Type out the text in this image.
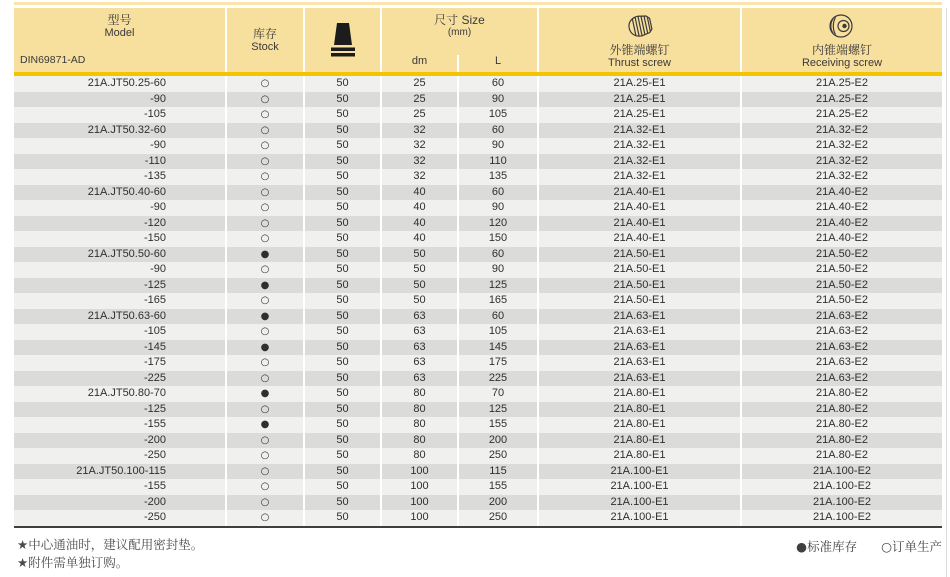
型号
Model
DIN69871-AD
库存
Stock
尺寸 Size
(mm)
dm	L
外锥端螺钉
Thrust screw
内锥端螺钉
Receiving screw
21A.JT50.25-60	○	50	25	60	21A.25-E1	21A.25-E2
-90	○	50	25	90	21A.25-E1	21A.25-E2
-105	○	50	25	105	21A.25-E1	21A.25-E2
21A.JT50.32-60	○	50	32	60	21A.32-E1	21A.32-E2
-90	○	50	32	90	21A.32-E1	21A.32-E2
-110	○	50	32	110	21A.32-E1	21A.32-E2
-135	○	50	32	135	21A.32-E1	21A.32-E2
21A.JT50.40-60	○	50	40	60	21A.40-E1	21A.40-E2
-90	○	50	40	90	21A.40-E1	21A.40-E2
-120	○	50	40	120	21A.40-E1	21A.40-E2
-150	○	50	40	150	21A.40-E1	21A.40-E2
21A.JT50.50-60	●	50	50	60	21A.50-E1	21A.50-E2
-90	○	50	50	90	21A.50-E1	21A.50-E2
-125	●	50	50	125	21A.50-E1	21A.50-E2
-165	○	50	50	165	21A.50-E1	21A.50-E2
21A.JT50.63-60	●	50	63	60	21A.63-E1	21A.63-E2
-105	○	50	63	105	21A.63-E1	21A.63-E2
-145	●	50	63	145	21A.63-E1	21A.63-E2
-175	○	50	63	175	21A.63-E1	21A.63-E2
-225	○	50	63	225	21A.63-E1	21A.63-E2
21A.JT50.80-70	●	50	80	70	21A.80-E1	21A.80-E2
-125	○	50	80	125	21A.80-E1	21A.80-E2
-155	●	50	80	155	21A.80-E1	21A.80-E2
-200	○	50	80	200	21A.80-E1	21A.80-E2
-250	○	50	80	250	21A.80-E1	21A.80-E2
21A.JT50.100-115	○	50	100	115	21A.100-E1	21A.100-E2
-155	○	50	100	155	21A.100-E1	21A.100-E2
-200	○	50	100	200	21A.100-E1	21A.100-E2
-250	○	50	100	250	21A.100-E1	21A.100-E2
★中心通油时，建议配用密封垫。
★附件需单独订购。
●标准库存 ○订单生产
